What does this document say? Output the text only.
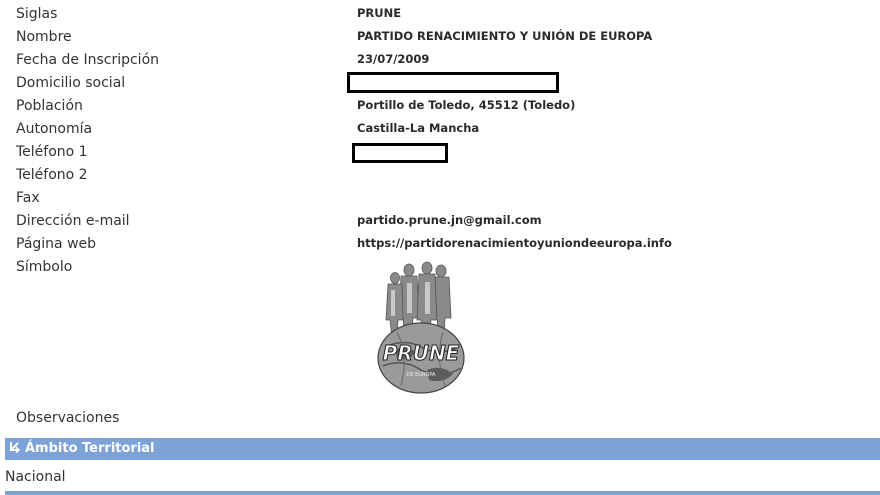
Siglas	PRUNE
Nombre	PARTIDO RENACIMIENTO Y UNIÓN DE EUROPA
Fecha de Inscripción	23/07/2009
Domicilio social
Población	Portillo de Toledo, 45512 (Toledo)
Autonomía	Castilla-La Mancha
Teléfono 1
Teléfono 2
Fax
Dirección e-mail	partido.prune.jn@gmail.com
Página web	https://partidorenacimientoyuniondeeuropa.info
Símbolo
PRUNE
DE EUROPA
Observaciones
Ámbito Territorial
Nacional
